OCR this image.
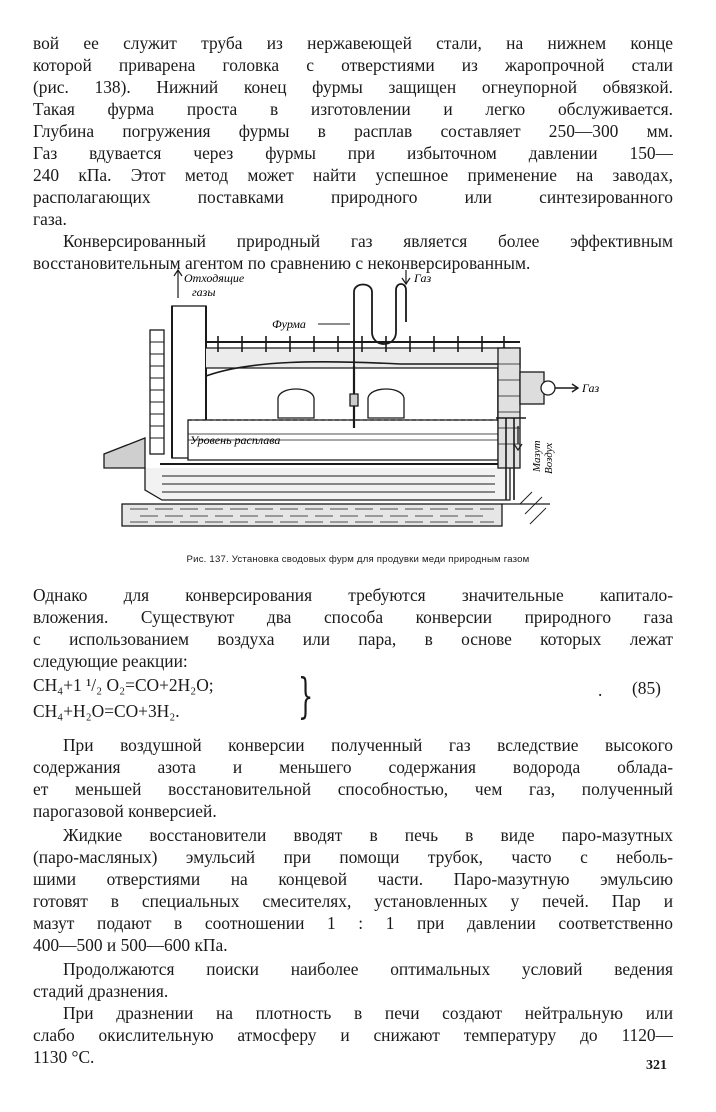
вой ее служит труба из нержавеющей стали, на нижнем конце
которой приварена головка с отверстиями из жаропрочной стали
(рис. 138). Нижний конец фурмы защищен огнеупорной обвязкой.
Такая фурма проста в изготовлении и легко обслуживается.
Глубина погружения фурмы в расплав составляет 250—300 мм.
Газ вдувается через фурмы при избыточном давлении 150—
240 кПа. Этот метод может найти успешное применение на заводах,
располагающих поставками природного или синтезированного
газа.
Конверсированный природный газ является более эффективным
восстановительным агентом по сравнению с неконверсированным.
Отходящие
газы
Газ
Фурма
Газ
Уровень расплава
Мазут Воздух
Рис. 137. Установка сводовых фурм для продувки меди природным газом
Однако для конверсирования требуются значительные капитало-
вложения. Существуют два способа конверсии природного газа
с использованием воздуха или пара, в основе которых лежат
следующие реакции:
CH₄+1 ¹/₂ O₂=CO+2H₂O;
CH₄+H₂O=CO+3H₂. }	. (85)
При воздушной конверсии полученный газ вследствие высокого
содержания азота и меньшего содержания водорода облада-
ет меньшей восстановительной способностью, чем газ, полученный
парогазовой конверсией.
Жидкие восстановители вводят в печь в виде паро-мазутных
(паро-масляных) эмульсий при помощи трубок, часто с неболь-
шими отверстиями на концевой части. Паро-мазутную эмульсию
готовят в специальных смесителях, установленных у печей. Пар и
мазут подают в соотношении 1 : 1 при давлении соответственно
400—500 и 500—600 кПа.
Продолжаются поиски наиболее оптимальных условий ведения
стадий дразнения.
При дразнении на плотность в печи создают нейтральную или
слабо окислительную атмосферу и снижают температуру до 1120—
1130 °C.	321
